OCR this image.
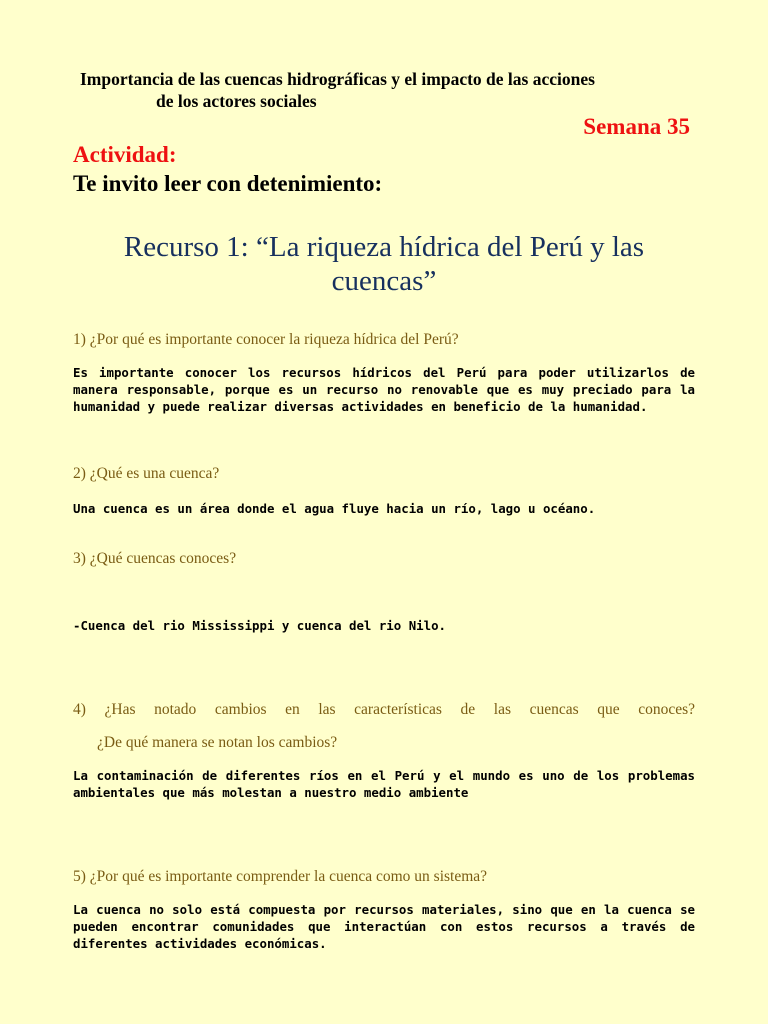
Importancia de las cuencas hidrográficas y el impacto de las acciones
de los actores sociales
Semana 35
Actividad:
Te invito leer con detenimiento:
Recurso 1: “La riqueza hídrica del Perú y las cuencas”
1) ¿Por qué es importante conocer la riqueza hídrica del Perú?
Es importante conocer los recursos hídricos del Perú para poder utilizarlos de manera responsable, porque es un recurso no renovable que es muy preciado para la humanidad y puede realizar diversas actividades en beneficio de la humanidad.
2) ¿Qué es una cuenca?
Una cuenca es un área donde el agua fluye hacia un río, lago u océano.
3) ¿Qué cuencas conoces?
-Cuenca del rio Mississippi y cuenca del rio Nilo.
4) ¿Has notado cambios en las características de las cuencas que conoces?
¿De qué manera se notan los cambios?
La contaminación de diferentes ríos en el Perú y el mundo es uno de los problemas ambientales que más molestan a nuestro medio ambiente
5) ¿Por qué es importante comprender la cuenca como un sistema?
La cuenca no solo está compuesta por recursos materiales, sino que en la cuenca se pueden encontrar comunidades que interactúan con estos recursos a través de diferentes actividades económicas.
